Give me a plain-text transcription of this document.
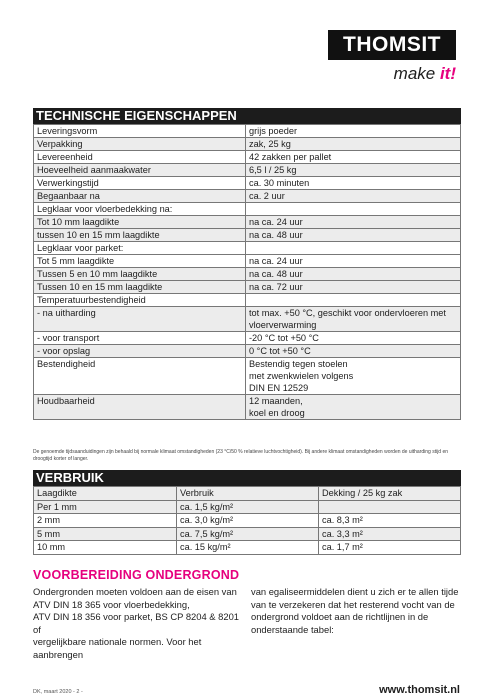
THOMSIT
make it!
TECHNISCHE EIGENSCHAPPEN
Leveringsvorm	grijs poeder
Verpakking	zak, 25 kg
Levereenheid	42 zakken per pallet
Hoeveelheid aanmaakwater	6,5 l / 25 kg
Verwerkingstijd	ca. 30 minuten
Begaanbaar na	ca. 2 uur
Legklaar voor vloerbedekking na:	
Tot 10 mm laagdikte	na ca. 24 uur
tussen 10 en 15 mm laagdikte	na ca. 48 uur
Legklaar voor parket:	
Tot 5 mm laagdikte	na ca. 24 uur
Tussen 5 en 10 mm laagdikte	na ca. 48 uur
Tussen 10 en 15 mm laagdikte	na ca. 72 uur
Temperatuurbestendigheid	
- na uitharding	tot max. +50 °C, geschikt voor ondervloeren met
	vloerverwarming
- voor transport	-20 °C tot +50 °C
- voor opslag	0 °C tot +50 °C
Bestendigheid	Bestendig tegen stoelen
	met zwenkwielen volgens
	DIN EN 12529
Houdbaarheid	12 maanden,
	koel en droog
De genoemde tijdsaanduidingen zijn behaald bij normale klimaat omstandigheden (23 °C/50 % relatieve luchtvochtigheid). Bij andere klimaat omstandigheden worden de uitharding stijd en droogtijd korter of langer.
VERBRUIK
Laagdikte	Verbruik	Dekking / 25 kg zak
Per 1 mm	ca. 1,5 kg/m²	
2 mm	ca. 3,0 kg/m²	ca. 8,3 m²
5 mm	ca. 7,5 kg/m²	ca. 3,3 m²
10 mm	ca. 15 kg/m²	ca. 1,7 m²
VOORBEREIDING ONDERGROND
Ondergronden moeten voldoen aan de eisen van
ATV DIN 18 365 voor vloerbedekking,
ATV DIN 18 356 voor parket, BS CP 8204 & 8201 of
vergelijkbare nationale normen. Voor het aanbrengen
van egaliseermiddelen dient u zich er te allen tijde
van te verzekeren dat het resterend vocht van de
ondergrond voldoet aan de richtlijnen in de
onderstaande tabel:
DK, maart 2020 - 2 -	www.thomsit.nl
